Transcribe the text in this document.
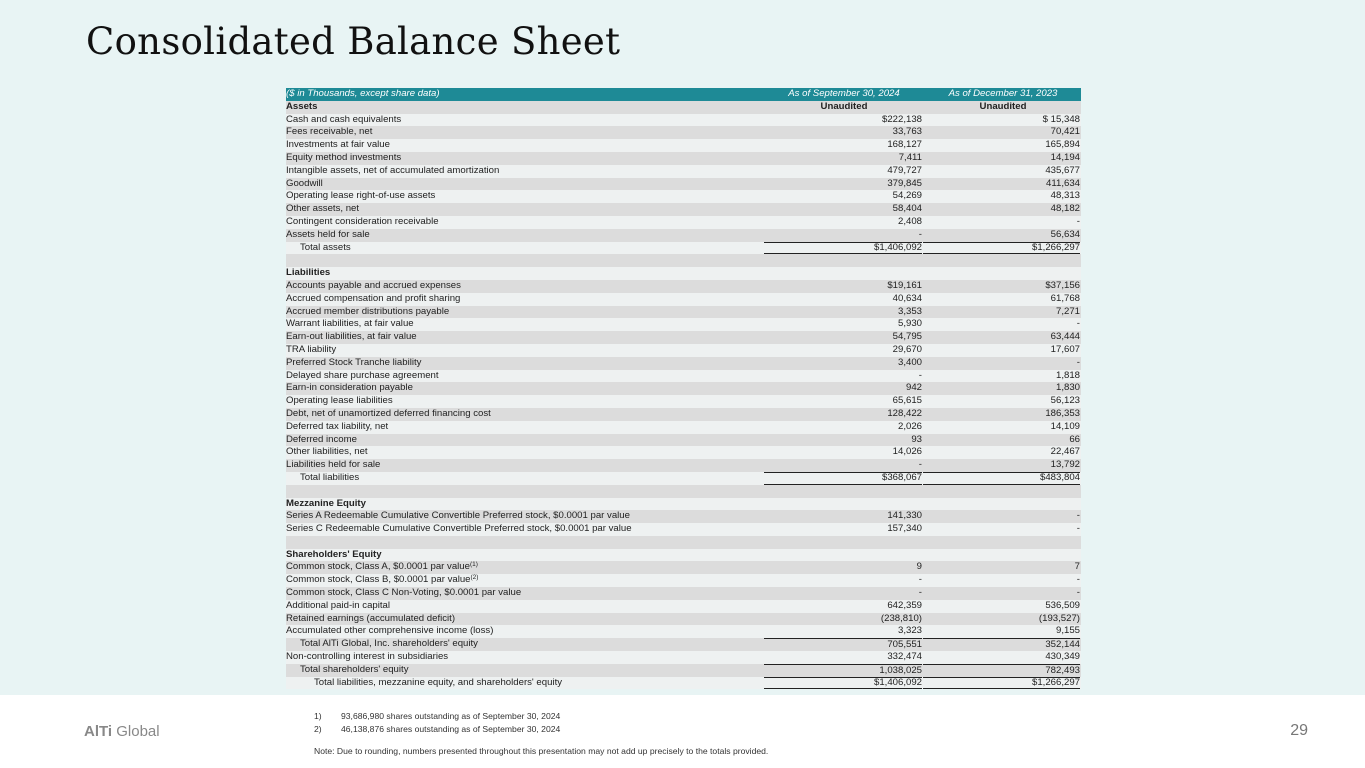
Consolidated Balance Sheet
($ in Thousands, except share data)	As of September 30, 2024	As of December 31, 2023
Assets	Unaudited	Unaudited
Cash and cash equivalents	$222,138	$ 15,348
Fees receivable, net	33,763	70,421
Investments at fair value	168,127	165,894
Equity method investments	7,411	14,194
Intangible assets, net of accumulated amortization	479,727	435,677
Goodwill	379,845	411,634
Operating lease right-of-use assets	54,269	48,313
Other assets, net	58,404	48,182
Contingent consideration receivable	2,408	-
Assets held for sale	-	56,634
Total assets	$1,406,092	$1,266,297
Liabilities
Accounts payable and accrued expenses	$19,161	$37,156
Accrued compensation and profit sharing	40,634	61,768
Accrued member distributions payable	3,353	7,271
Warrant liabilities, at fair value	5,930	-
Earn-out liabilities, at fair value	54,795	63,444
TRA liability	29,670	17,607
Preferred Stock Tranche liability	3,400	-
Delayed share purchase agreement	-	1,818
Earn-in consideration payable	942	1,830
Operating lease liabilities	65,615	56,123
Debt, net of unamortized deferred financing cost	128,422	186,353
Deferred tax liability, net	2,026	14,109
Deferred income	93	66
Other liabilities, net	14,026	22,467
Liabilities held for sale	-	13,792
Total liabilities	$368,067	$483,804
Mezzanine Equity
Series A Redeemable Cumulative Convertible Preferred stock, $0.0001 par value	141,330	-
Series C Redeemable Cumulative Convertible Preferred stock, $0.0001 par value	157,340	-
Shareholders' Equity
Common stock, Class A, $0.0001 par value$^{(1)}$	9	7
Common stock, Class B, $0.0001 par value$^{(2)}$	-	-
Common stock, Class C Non-Voting, $0.0001 par value	-	-
Additional paid-in capital	642,359	536,509
Retained earnings (accumulated deficit)	(238,810)	(193,527)
Accumulated other comprehensive income (loss)	3,323	9,155
Total AlTi Global, Inc. shareholders' equity	705,551	352,144
Non-controlling interest in subsidiaries	332,474	430,349
Total shareholders' equity	1,038,025	782,493
Total liabilities, mezzanine equity, and shareholders' equity	$1,406,092	$1,266,297
AlTi Global
1) 93,686,980 shares outstanding as of September 30, 2024
2) 46,138,876 shares outstanding as of September 30, 2024
Note: Due to rounding, numbers presented throughout this presentation may not add up precisely to the totals provided.
29
